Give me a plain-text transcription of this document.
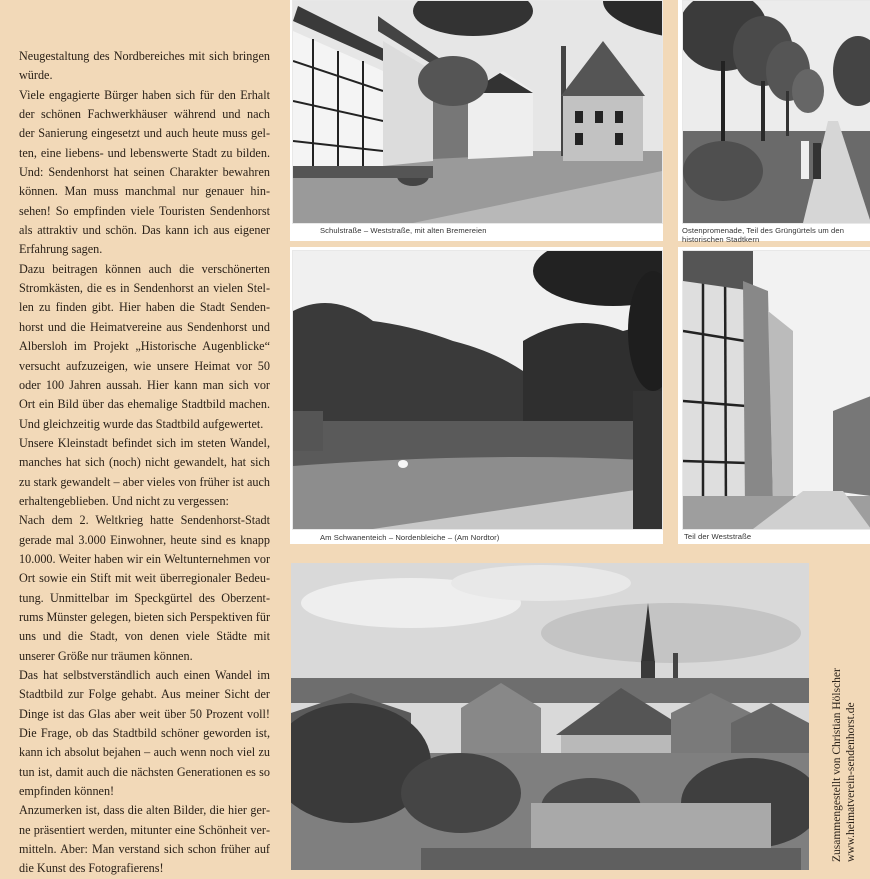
Neugestaltung des Nordbereiches mit sich bringen würde.

Viele engagierte Bürger haben sich für den Erhalt der schönen Fachwerkhäuser während und nach der Sanierung eingesetzt und auch heute muss gelten, eine liebens- und lebenswerte Stadt zu bilden. Und: Sendenhorst hat seinen Charakter bewahren können. Man muss manchmal nur genauer hinsehen! So empfinden viele Touristen Sendenhorst als attraktiv und schön. Das kann ich aus eigener Erfahrung sagen.

Dazu beitragen können auch die verschönerten Stromkästen, die es in Sendenhorst an vielen Stellen zu finden gibt. Hier haben die Stadt Sendenhorst und die Heimatvereine aus Sendenhorst und Albersloh im Projekt „Historische Augenblicke“ versucht aufzuzeigen, wie unsere Heimat vor 50 oder 100 Jahren aussah. Hier kann man sich vor Ort ein Bild über das ehemalige Stadtbild machen. Und gleichzeitig wurde das Stadtbild aufgewertet.

Unsere Kleinstadt befindet sich im steten Wandel, manches hat sich (noch) nicht gewandelt, hat sich zu stark gewandelt – aber vieles von früher ist auch erhaltengeblieben. Und nicht zu vergessen:

Nach dem 2. Weltkrieg hatte Sendenhorst-Stadt gerade mal 3.000 Einwohner, heute sind es knapp 10.000. Weiter haben wir ein Weltunternehmen vor Ort sowie ein Stift mit weit überregionaler Bedeutung. Unmittelbar im Speckgürtel des Oberzentrums Münster gelegen, bieten sich Perspektiven für uns und die Stadt, von denen viele Städte mit unserer Größe nur träumen können.

Das hat selbstverständlich auch einen Wandel im Stadtbild zur Folge gehabt. Aus meiner Sicht der Dinge ist das Glas aber weit über 50 Prozent voll! Die Frage, ob das Stadtbild schöner geworden ist, kann ich absolut bejahen – auch wenn noch viel zu tun ist, damit auch die nächsten Generationen es so empfinden können!

Anzumerken ist, dass die alten Bilder, die hier gerne präsentiert werden, mitunter eine Schönheit vermitteln. Aber: Man verstand sich schon früher auf die Kunst des Fotografierens!

Schulstraße – Weststraße, mit alten Bremereien	Ostenpromenade, Teil des Grüngürtels um den historischen Stadtkern
Am Schwanenteich – Nordenbleiche – (Am Nordtor)	Teil der Weststraße
Zusammengestellt von Christian Hölscher www.heimatverein-sendenhorst.de
